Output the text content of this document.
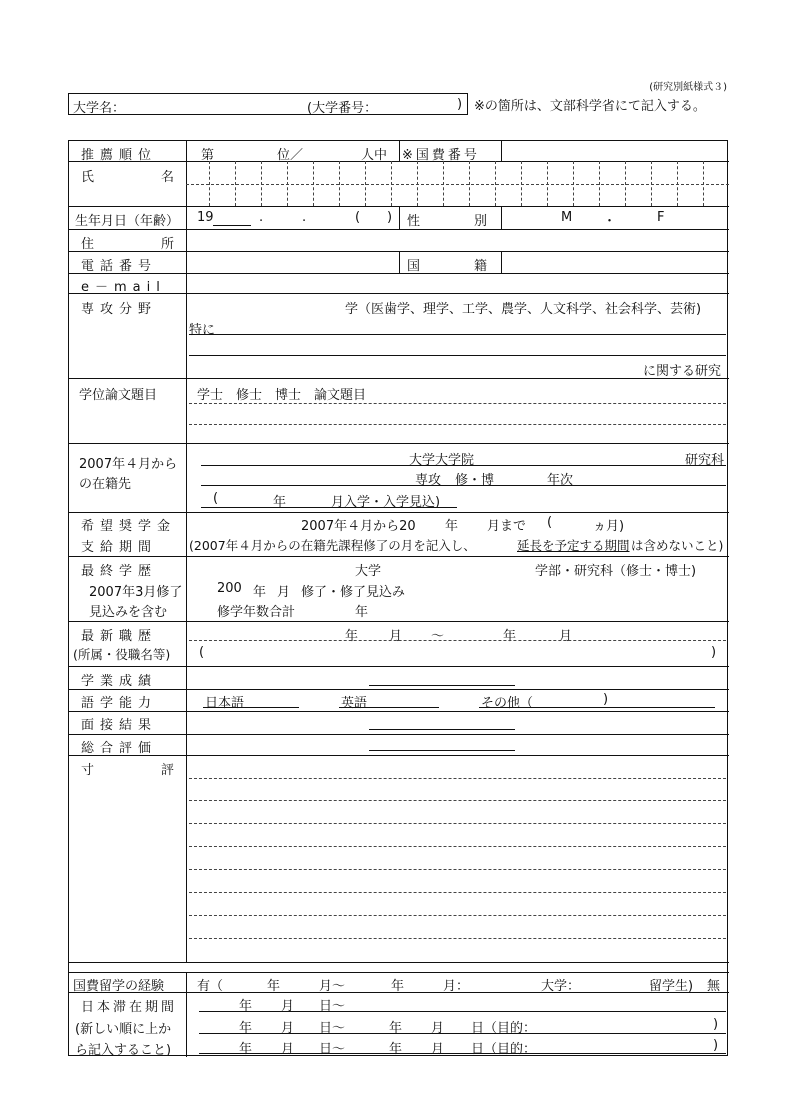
(研究別紙様式３)
大学名：	(大学番号：	) ※の箇所は、文部科学省にて記入する。
推薦順位	第	位／	人中 ※国費番号
氏	名
生年月日（年齢） 19	.	.	( ) 性	別	M ・	F
住	所
電話番号	国	籍
e－mail
専攻分野	学（医歯学、理学、工学、農学、人文科学、社会科学、芸術)
特に
に関する研究
学位論文題目	学士　修士　博士　論文題目
2007年４月から
の在籍先
大学大学院	研究科
専攻 修・博	年次
(	年	月入学・入学見込)
希望奨学金
支給期間
2007年４月から20 年 月まで (	ヵ月)
(2007年４月からの在籍先課程修了の月を記入し、	延長を予定する期間 は含めないこと)
最終学歴
2007年3月修了
見込みを含む
大学	学部・研究科（修士・博士)
200 年 月 修了・修了見込み
修学年数合計	年
最新職歴
(所属・役職名等)
年 月 ～	年	月
(	)
学業成績
語学能力	日本語	英語	その他（	)
面接結果
総合評価
寸	評
国費留学の経験	有（	年	月～	年	月：	大学：	留学生) 無
日本滞在期間
(新しい順に上か
ら記入すること)
年 月 日～
年 月 日～	年 月 日（目的：	)
年 月 日～	年 月 日（目的：	)
